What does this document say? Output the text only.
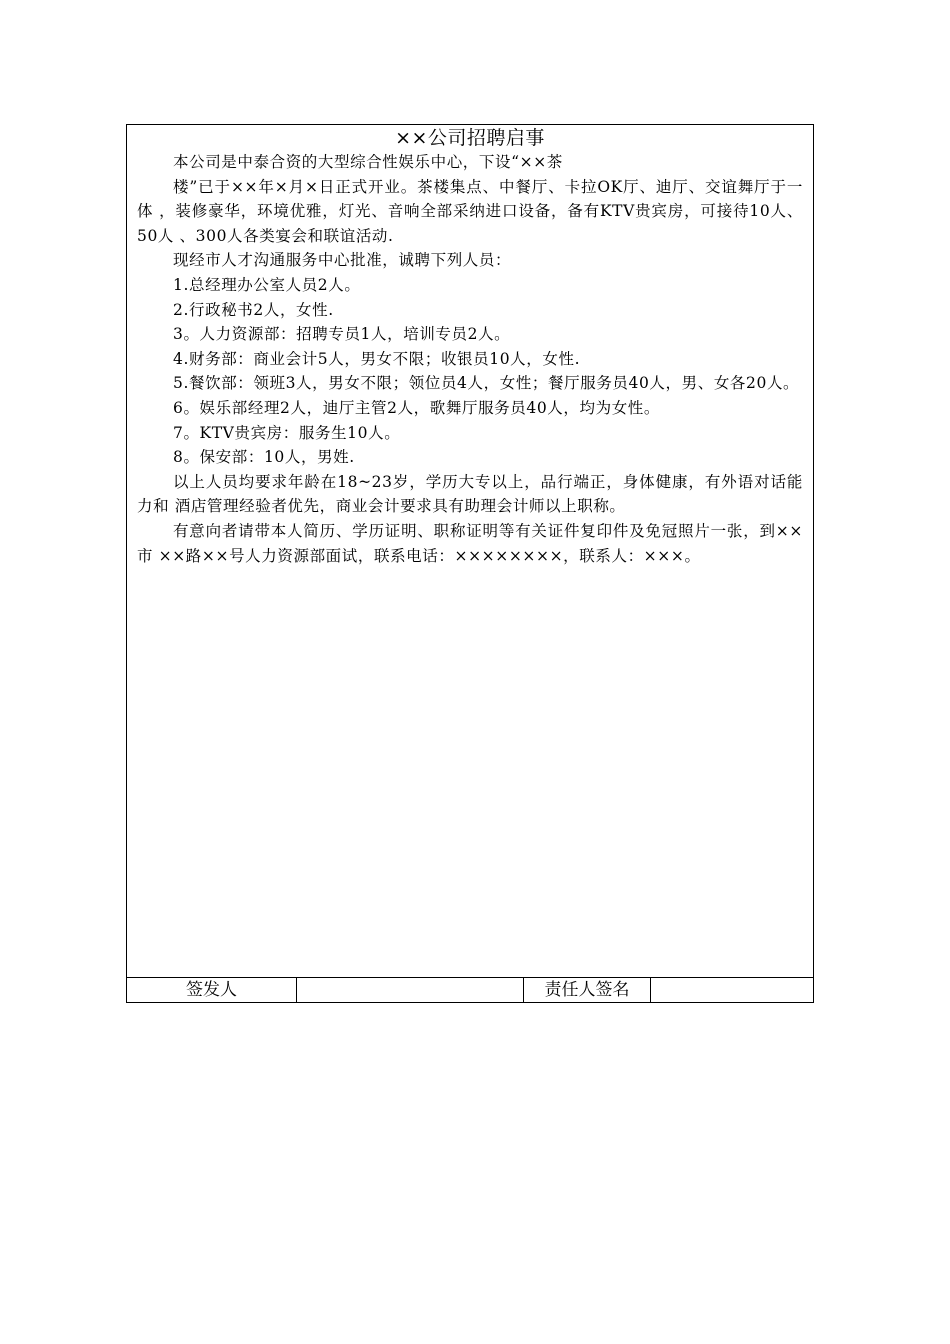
××公司招聘启事

本公司是中泰合资的大型综合性娱乐中心，下设“××茶

楼”已于××年×月×日正式开业。茶楼集点、中餐厅、卡拉OK厅、迪厅、交谊舞厅于一体 ，装修豪华，环境优雅，灯光、音响全部采纳进口设备，备有KTV贵宾房，可接待10人、50人 、300人各类宴会和联谊活动.

现经市人才沟通服务中心批准，诚聘下列人员：

1.总经理办公室人员2人。

2.行政秘书2人，女性.

3。人力资源部：招聘专员1人，培训专员2人。

4.财务部：商业会计5人，男女不限；收银员10人，女性.

5.餐饮部：领班3人，男女不限；领位员4人，女性；餐厅服务员40人，男、女各20人。

6。娱乐部经理2人，迪厅主管2人，歌舞厅服务员40人，均为女性。

7。KTV贵宾房：服务生10人。

8。保安部：10人，男姓.

以上人员均要求年龄在18~23岁，学历大专以上，品行端正，身体健康，有外语对话能力和 酒店管理经验者优先，商业会计要求具有助理会计师以上职称。

有意向者请带本人简历、学历证明、职称证明等有关证件复印件及免冠照片一张，到××市 ××路××号人力资源部面试，联系电话：××××××××，联系人：×××。

签发人	责任人签名
